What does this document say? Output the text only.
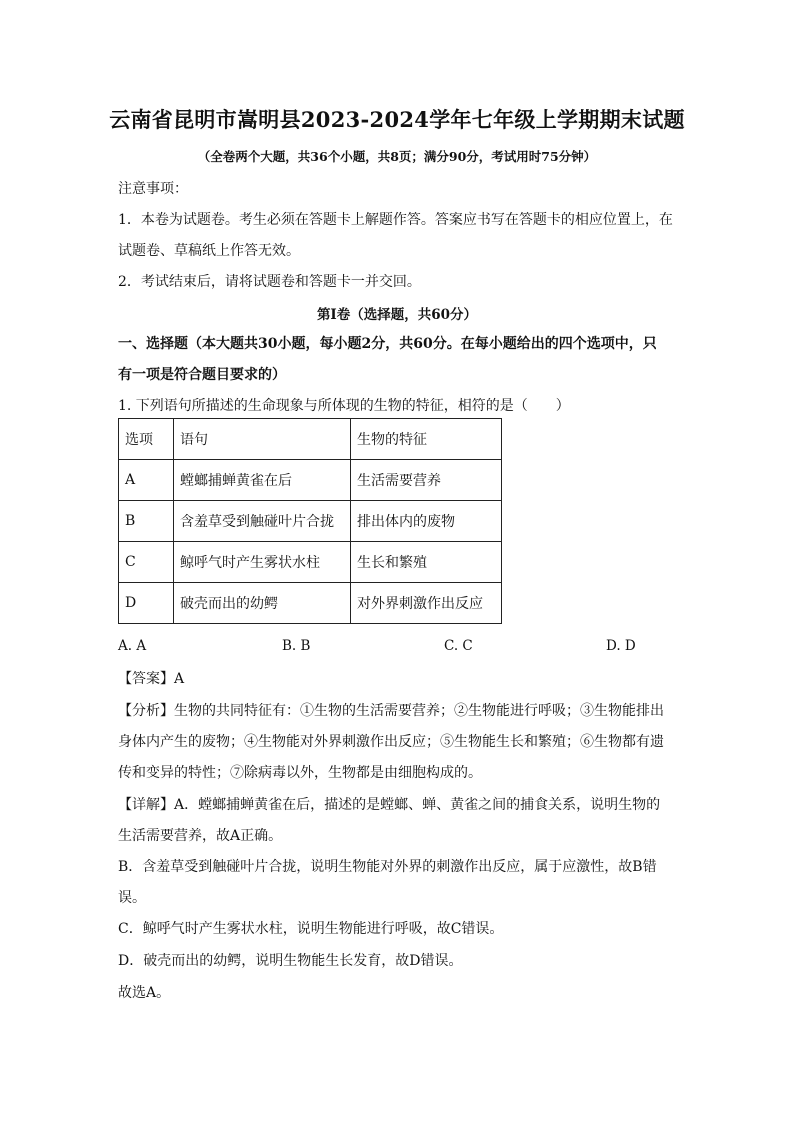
云南省昆明市嵩明县2023-2024学年七年级上学期期末试题
（全卷两个大题，共36个小题，共8页；满分90分，考试用时75分钟）
注意事项：
1．本卷为试题卷。考生必须在答题卡上解题作答。答案应书写在答题卡的相应位置上，在
试题卷、草稿纸上作答无效。
2．考试结束后，请将试题卷和答题卡一并交回。
第I卷（选择题，共60分）
一、选择题（本大题共30小题，每小题2分，共60分。在每小题给出的四个选项中，只
有一项是符合题目要求的）
1. 下列语句所描述的生命现象与所体现的生物的特征，相符的是（　　）
选项	语句	生物的特征
A	螳螂捕蝉黄雀在后	生活需要营养
B	含羞草受到触碰叶片合拢	排出体内的废物
C	鲸呼气时产生雾状水柱	生长和繁殖
D	破壳而出的幼鳄	对外界刺激作出反应
A. A	B. B	C. C	D. D
【答案】A
【分析】生物的共同特征有：①生物的生活需要营养；②生物能进行呼吸；③生物能排出
身体内产生的废物；④生物能对外界刺激作出反应；⑤生物能生长和繁殖；⑥生物都有遗
传和变异的特性；⑦除病毒以外，生物都是由细胞构成的。
【详解】A．螳螂捕蝉黄雀在后，描述的是螳螂、蝉、黄雀之间的捕食关系，说明生物的
生活需要营养，故A正确。
B．含羞草受到触碰叶片合拢，说明生物能对外界的刺激作出反应，属于应激性，故B错
误。
C．鲸呼气时产生雾状水柱，说明生物能进行呼吸，故C错误。
D．破壳而出的幼鳄，说明生物能生长发育，故D错误。
故选A。
